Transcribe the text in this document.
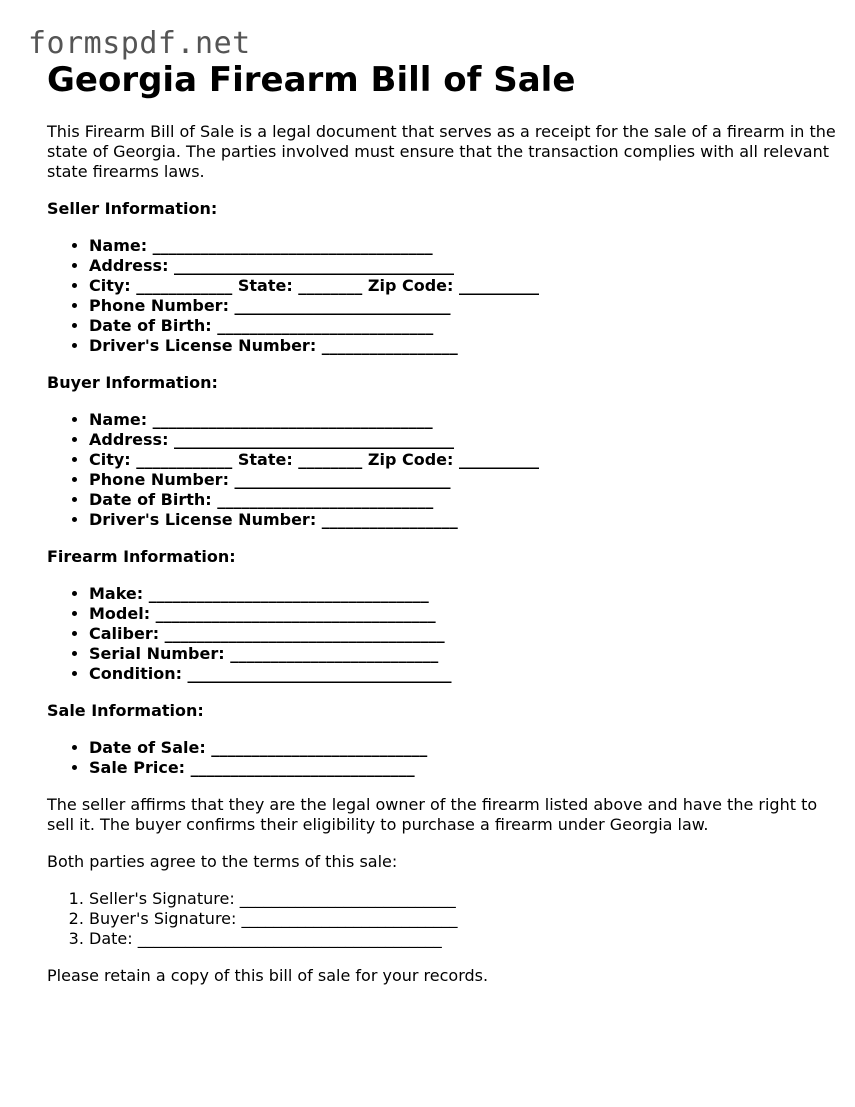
formspdf.net
Georgia Firearm Bill of Sale

This Firearm Bill of Sale is a legal document that serves as a receipt for the sale of a firearm in the state of Georgia. The parties involved must ensure that the transaction complies with all relevant state firearms laws.

Seller Information:
• Name: ___________________________________
• Address: ___________________________________
• City: ____________ State: ________ Zip Code: __________
• Phone Number: ___________________________
• Date of Birth: ___________________________
• Driver's License Number: _________________
Buyer Information:
• Name: ___________________________________
• Address: ___________________________________
• City: ____________ State: ________ Zip Code: __________
• Phone Number: ___________________________
• Date of Birth: ___________________________
• Driver's License Number: _________________
Firearm Information:
• Make: ___________________________________
• Model: ___________________________________
• Caliber: ___________________________________
• Serial Number: __________________________
• Condition: _________________________________
Sale Information:
• Date of Sale: ___________________________
• Sale Price: ____________________________

The seller affirms that they are the legal owner of the firearm listed above and have the right to sell it. The buyer confirms their eligibility to purchase a firearm under Georgia law.

Both parties agree to the terms of this sale:

1. Seller's Signature: ___________________________
2. Buyer's Signature: ___________________________
3. Date: ______________________________________

Please retain a copy of this bill of sale for your records.
